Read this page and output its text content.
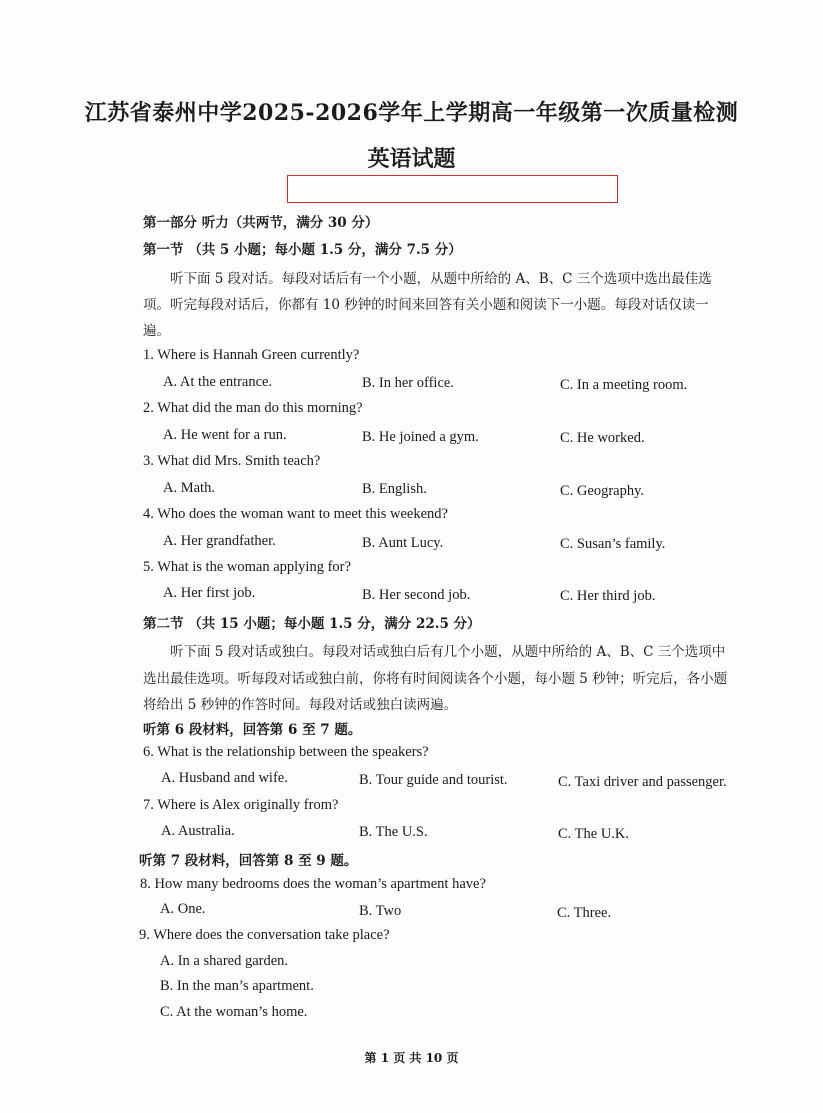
江苏省泰州中学2025-2026学年上学期高一年级第一次质量检测
英语试题
第一部分 听力（共两节，满分 30 分）
第一节 （共 5 小题；每小题 1.5 分，满分 7.5 分）
听下面 5 段对话。每段对话后有一个小题，从题中所给的 A、B、C 三个选项中选出最佳选
项。听完每段对话后，你都有 10 秒钟的时间来回答有关小题和阅读下一小题。每段对话仅读一
遍。
1. Where is Hannah Green currently?
A. At the entrance.	B. In her office.	C. In a meeting room.
2. What did the man do this morning?
A. He went for a run.	B. He joined a gym.	C. He worked.
3. What did Mrs. Smith teach?
A. Math.	B. English.	C. Geography.
4. Who does the woman want to meet this weekend?
A. Her grandfather.	B. Aunt Lucy.	C. Susan’s family.
5. What is the woman applying for?
A. Her first job.	B. Her second job.	C. Her third job.
第二节 （共 15 小题；每小题 1.5 分，满分 22.5 分）
听下面 5 段对话或独白。每段对话或独白后有几个小题，从题中所给的 A、B、C 三个选项中
选出最佳选项。听每段对话或独白前，你将有时间阅读各个小题，每小题 5 秒钟；听完后，各小题
将给出 5 秒钟的作答时间。每段对话或独白读两遍。
听第 6 段材料，回答第 6 至 7 题。
6. What is the relationship between the speakers?
A. Husband and wife.	B. Tour guide and tourist.	C. Taxi driver and passenger.
7. Where is Alex originally from?
A. Australia.	B. The U.S.	C. The U.K.
听第 7 段材料，回答第 8 至 9 题。
8. How many bedrooms does the woman’s apartment have?
A. One.	B. Two	C. Three.
9. Where does the conversation take place?
A. In a shared garden.
B. In the man’s apartment.
C. At the woman’s home.
第 1 页 共 10 页
